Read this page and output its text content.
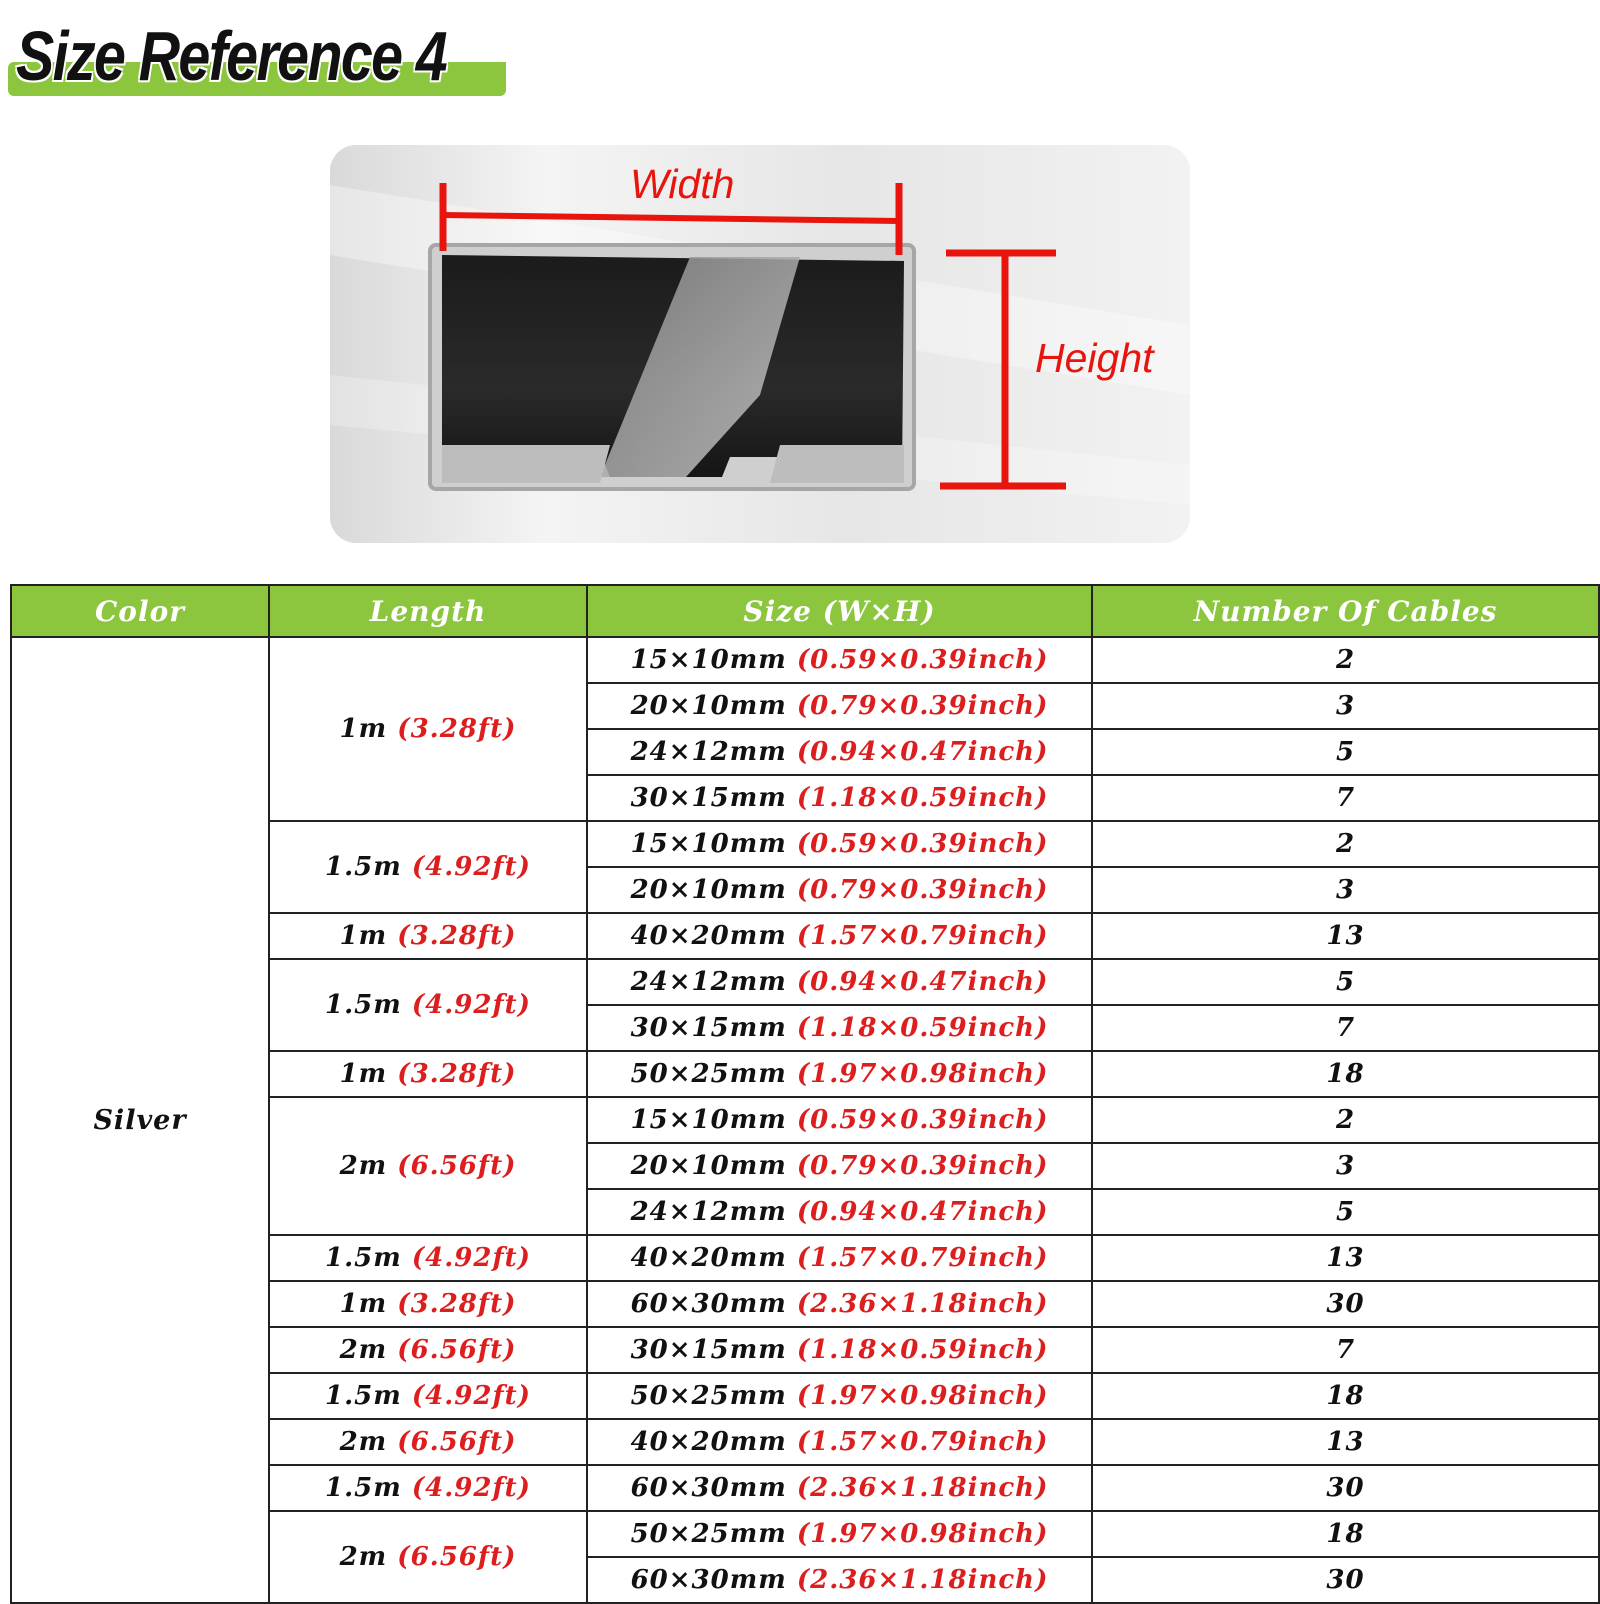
Size Reference 4
Width
Height
Color	Length	Size (W×H)	Number Of Cables
Silver	1m (3.28ft)	15×10mm (0.59×0.39inch)	2
		20×10mm (0.79×0.39inch)	3
		24×12mm (0.94×0.47inch)	5
		30×15mm (1.18×0.59inch)	7
	1.5m (4.92ft)	15×10mm (0.59×0.39inch)	2
		20×10mm (0.79×0.39inch)	3
	1m (3.28ft)	40×20mm (1.57×0.79inch)	13
	1.5m (4.92ft)	24×12mm (0.94×0.47inch)	5
		30×15mm (1.18×0.59inch)	7
	1m (3.28ft)	50×25mm (1.97×0.98inch)	18
	2m (6.56ft)	15×10mm (0.59×0.39inch)	2
		20×10mm (0.79×0.39inch)	3
		24×12mm (0.94×0.47inch)	5
	1.5m (4.92ft)	40×20mm (1.57×0.79inch)	13
	1m (3.28ft)	60×30mm (2.36×1.18inch)	30
	2m (6.56ft)	30×15mm (1.18×0.59inch)	7
	1.5m (4.92ft)	50×25mm (1.97×0.98inch)	18
	2m (6.56ft)	40×20mm (1.57×0.79inch)	13
	1.5m (4.92ft)	60×30mm (2.36×1.18inch)	30
	2m (6.56ft)	50×25mm (1.97×0.98inch)	18
		60×30mm (2.36×1.18inch)	30
